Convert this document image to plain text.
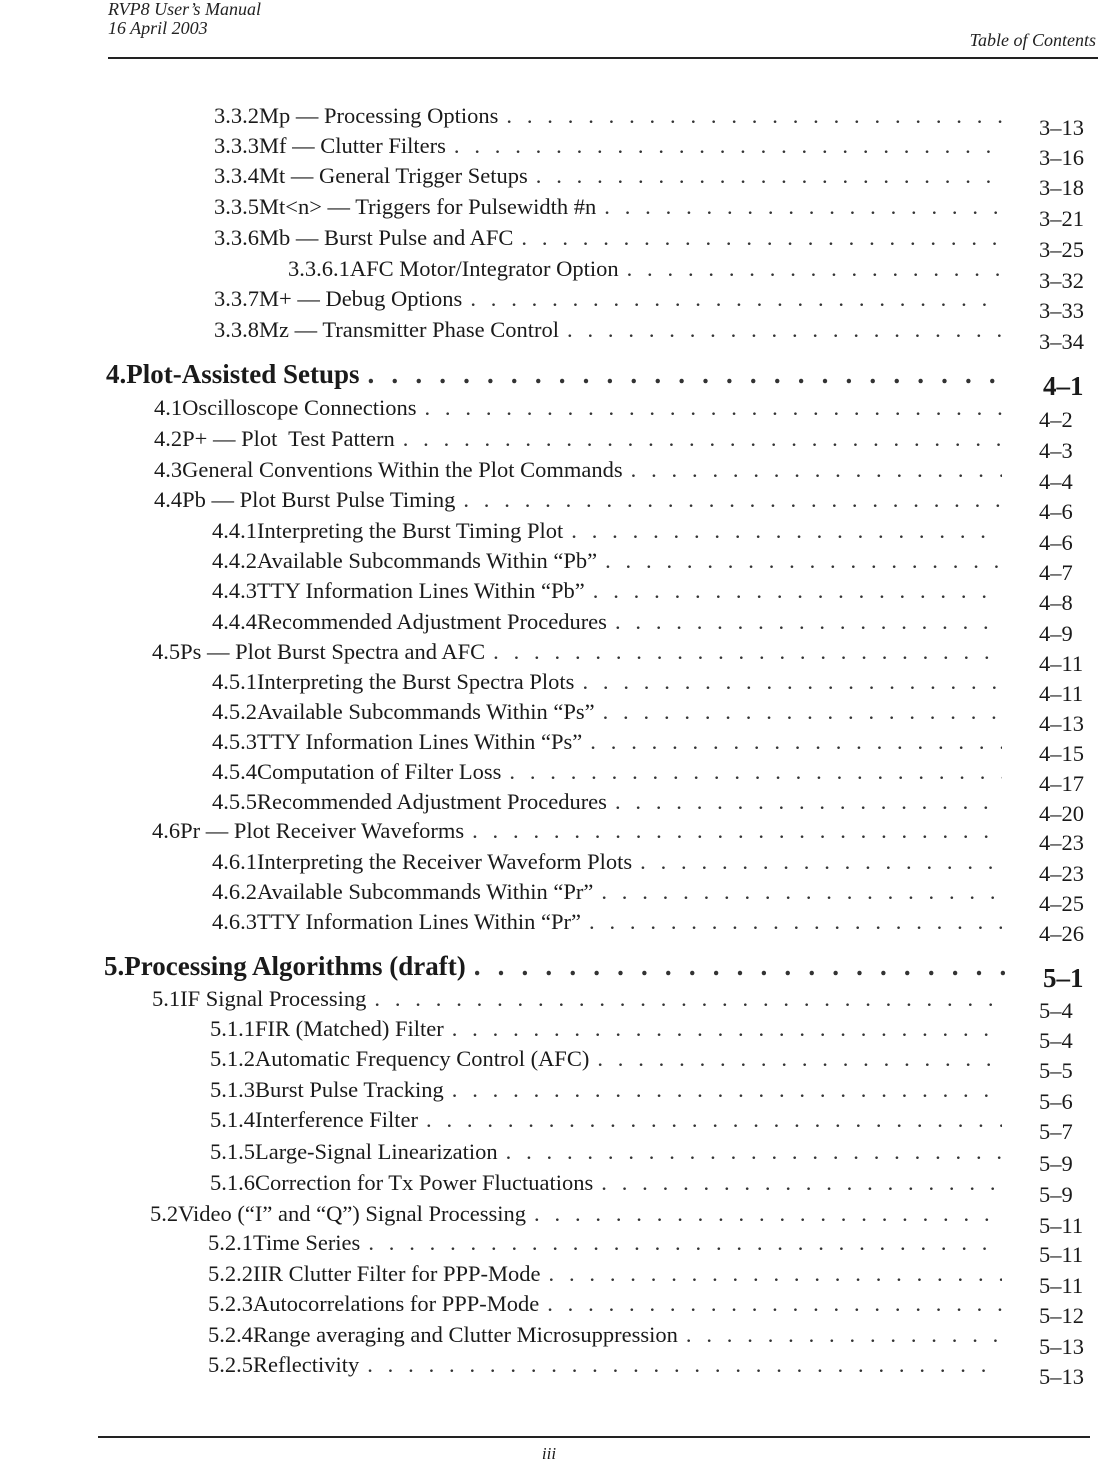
RVP8 User’s Manual
16 April 2003
Table of Contents
3.3.2 Mp — Processing Options . . .	3–13
3.3.3 Mf — Clutter Filters . . .	3–16
3.3.4 Mt — General Trigger Setups . . .	3–18
3.3.5 Mt<n> — Triggers for Pulsewidth #n . . .	3–21
3.3.6 Mb — Burst Pulse and AFC . . .	3–25
3.3.6.1 AFC Motor/Integrator Option . . .	3–32
3.3.7 M+ — Debug Options . . .	3–33
3.3.8 Mz — Transmitter Phase Control . . .	3–34
4. Plot-Assisted Setups . . .	4–1
4.1 Oscilloscope Connections . . .	4–2
4.2 P+ — Plot  Test Pattern . . .	4–3
4.3 General Conventions Within the Plot Commands . . .	4–4
4.4 Pb — Plot Burst Pulse Timing . . .	4–6
4.4.1 Interpreting the Burst Timing Plot . . .	4–6
4.4.2 Available Subcommands Within “Pb” . . .	4–7
4.4.3 TTY Information Lines Within “Pb” . . .	4–8
4.4.4 Recommended Adjustment Procedures . . .	4–9
4.5 Ps — Plot Burst Spectra and AFC . . .	4–11
4.5.1 Interpreting the Burst Spectra Plots . . .	4–11
4.5.2 Available Subcommands Within “Ps” . . .	4–13
4.5.3 TTY Information Lines Within “Ps” . . .	4–15
4.5.4 Computation of Filter Loss . . .	4–17
4.5.5 Recommended Adjustment Procedures . . .	4–20
4.6 Pr — Plot Receiver Waveforms . . .	4–23
4.6.1 Interpreting the Receiver Waveform Plots . . .	4–23
4.6.2 Available Subcommands Within “Pr” . . .	4–25
4.6.3 TTY Information Lines Within “Pr” . . .	4–26
5. Processing Algorithms (draft) . . .	5–1
5.1 IF Signal Processing . . .	5–4
5.1.1 FIR (Matched) Filter . . .	5–4
5.1.2 Automatic Frequency Control (AFC) . . .	5–5
5.1.3 Burst Pulse Tracking . . .	5–6
5.1.4 Interference Filter . . .	5–7
5.1.5 Large-Signal Linearization . . .	5–9
5.1.6 Correction for Tx Power Fluctuations . . .	5–9
5.2 Video (“I” and “Q”) Signal Processing . . .	5–11
5.2.1 Time Series . . .	5–11
5.2.2 IIR Clutter Filter for PPP-Mode . . .	5–11
5.2.3 Autocorrelations for PPP-Mode . . .	5–12
5.2.4 Range averaging and Clutter Microsuppression . . .	5–13
5.2.5 Reflectivity . . .	5–13
iii
